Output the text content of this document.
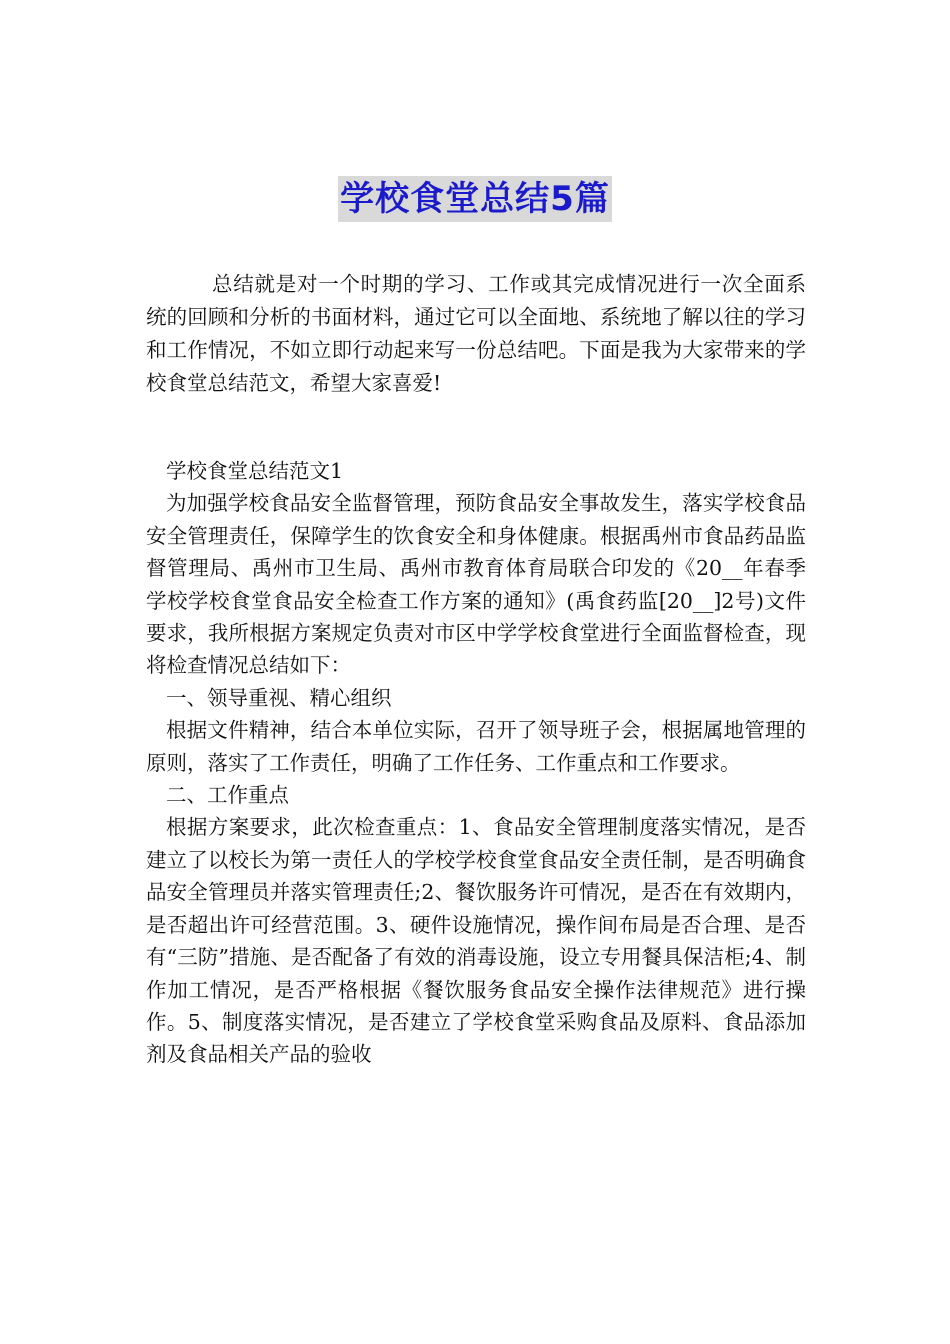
学校食堂总结5篇

总结就是对一个时期的学习、工作或其完成情况进行一次全面系统的回顾和分析的书面材料，通过它可以全面地、系统地了解以往的学习和工作情况，不如立即行动起来写一份总结吧。下面是我为大家带来的学校食堂总结范文，希望大家喜爱!

学校食堂总结范文1

为加强学校食品安全监督管理，预防食品安全事故发生，落实学校食品安全管理责任，保障学生的饮食安全和身体健康。根据禹州市食品药品监督管理局、禹州市卫生局、禹州市教育体育局联合印发的《20__年春季学校学校食堂食品安全检查工作方案的通知》(禹食药监[20__]2号)文件要求，我所根据方案规定负责对市区中学学校食堂进行全面监督检查，现将检查情况总结如下：

一、领导重视、精心组织

根据文件精神，结合本单位实际，召开了领导班子会，根据属地管理的原则，落实了工作责任，明确了工作任务、工作重点和工作要求。

二、工作重点

根据方案要求，此次检查重点：1、食品安全管理制度落实情况，是否建立了以校长为第一责任人的学校学校食堂食品安全责任制，是否明确食品安全管理员并落实管理责任;2、餐饮服务许可情况，是否在有效期内，是否超出许可经营范围。3、硬件设施情况，操作间布局是否合理、是否有“三防”措施、是否配备了有效的消毒设施，设立专用餐具保洁柜;4、制作加工情况，是否严格根据《餐饮服务食品安全操作法律规范》进行操作。5、制度落实情况，是否建立了学校食堂采购食品及原料、食品添加剂及食品相关产品的验收
